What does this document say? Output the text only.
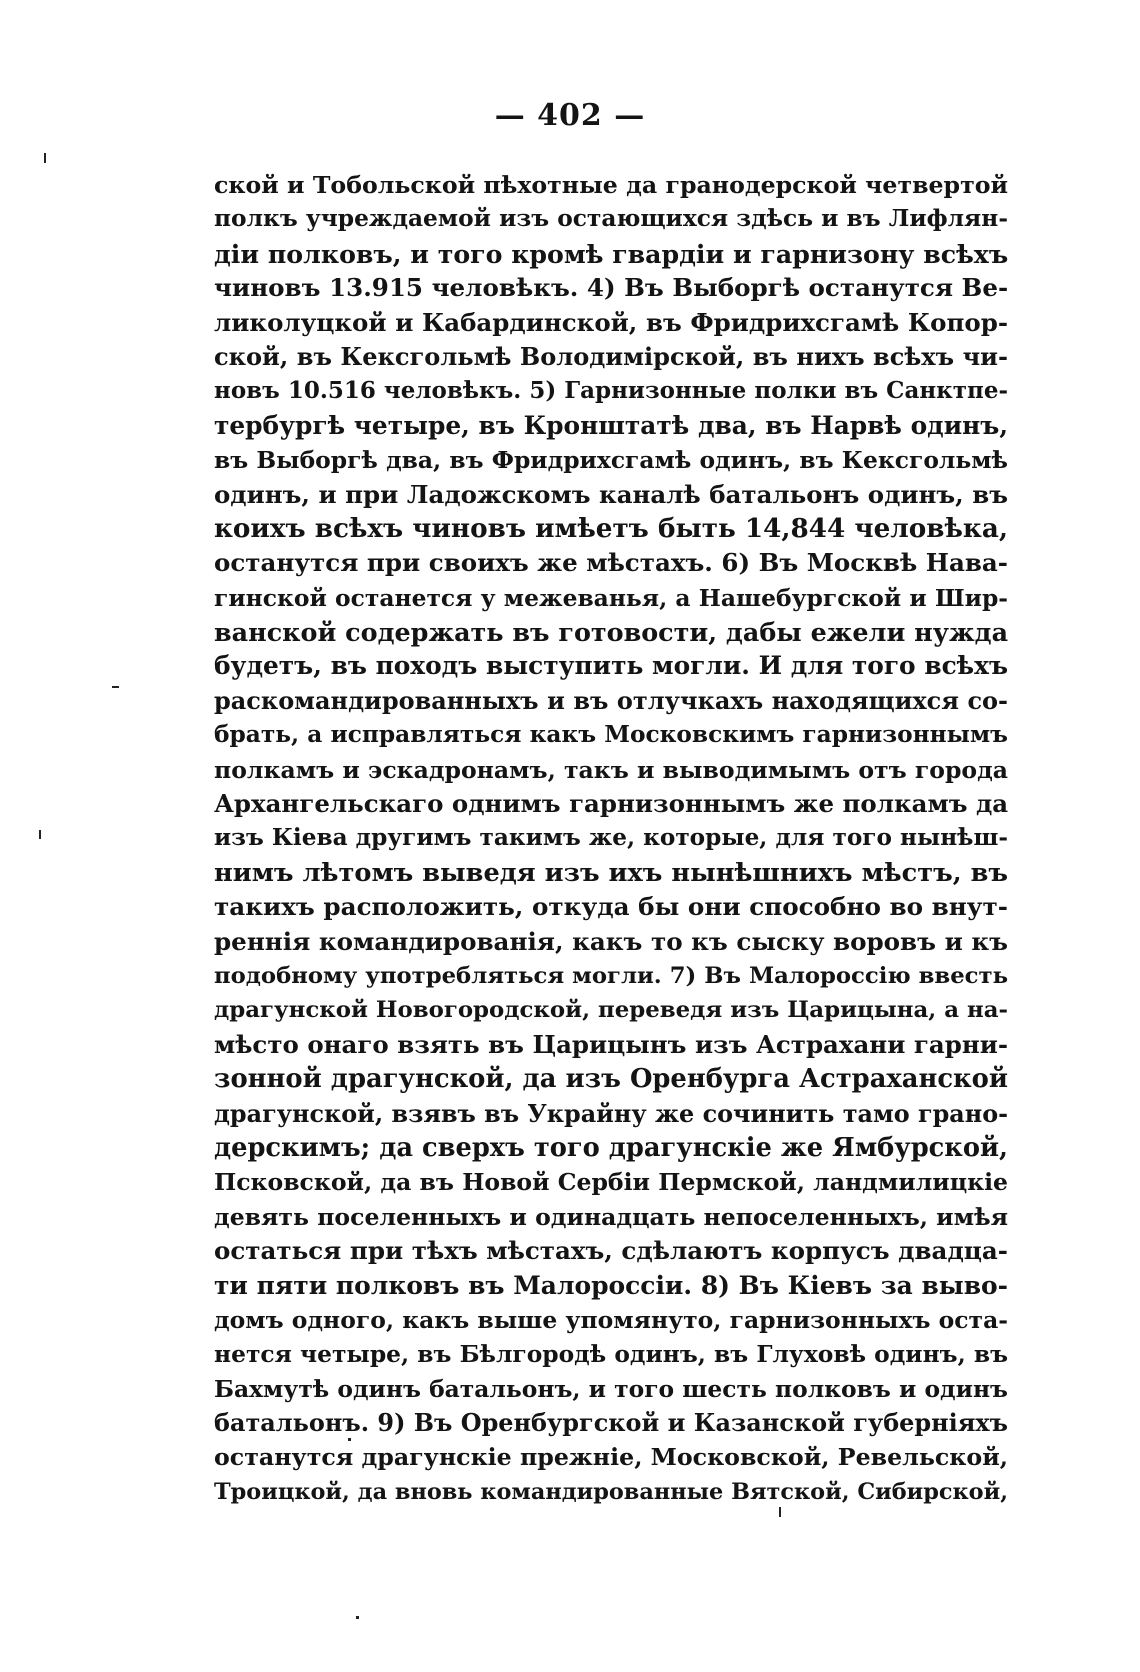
— 402 —
ской и Тобольской пѣхотные да гранодерской четвертой
полкъ учреждаемой изъ остающихся здѣсь и въ Лифлян-
діи полковъ, и того кромѣ гвардіи и гарнизону всѣхъ
чиновъ 13.915 человѣкъ. 4) Въ Выборгѣ останутся Ве-
ликолуцкой и Кабардинской, въ Фридрихсгамѣ Копор-
ской, въ Кексгольмѣ Володимірской, въ нихъ всѣхъ чи-
новъ 10.516 человѣкъ. 5) Гарнизонные полки въ Санктпе-
тербургѣ четыре, въ Кронштатѣ два, въ Нарвѣ одинъ,
въ Выборгѣ два, въ Фридрихсгамѣ одинъ, въ Кексгольмѣ
одинъ, и при Ладожскомъ каналѣ батальонъ одинъ, въ
коихъ всѣхъ чиновъ имѣетъ быть 14,844 человѣка,
останутся при своихъ же мѣстахъ. 6) Въ Москвѣ Нава-
гинской останется у межеванья, а Нашебургской и Шир-
ванской содержать въ готовости, дабы ежели нужда
будетъ, въ походъ выступить могли. И для того всѣхъ
раскомандированныхъ и въ отлучкахъ находящихся со-
брать, а исправляться какъ Московскимъ гарнизоннымъ
полкамъ и эскадронамъ, такъ и выводимымъ отъ города
Архангельскаго однимъ гарнизоннымъ же полкамъ да
изъ Кіева другимъ такимъ же, которые, для того нынѣш-
нимъ лѣтомъ выведя изъ ихъ нынѣшнихъ мѣстъ, въ
такихъ расположить, откуда бы они способно во внут-
реннія командированія, какъ то къ сыску воровъ и къ
подобному употребляться могли. 7) Въ Малороссію ввесть
драгунской Новогородской, переведя изъ Царицына, а на-
мѣсто онаго взять въ Царицынъ изъ Астрахани гарни-
зонной драгунской, да изъ Оренбурга Астраханской
драгунской, взявъ въ Украйну же сочинить тамо грано-
дерскимъ; да сверхъ того драгунскіе же Ямбурской,
Псковской, да въ Новой Сербіи Пермской, ландмилицкіе
девять поселенныхъ и одинадцать непоселенныхъ, имѣя
остаться при тѣхъ мѣстахъ, сдѣлаютъ корпусъ двадца-
ти пяти полковъ въ Малороссіи. 8) Въ Кіевъ за выво-
домъ одного, какъ выше упомянуто, гарнизонныхъ оста-
нется четыре, въ Бѣлгородѣ одинъ, въ Глуховѣ одинъ, въ
Бахмутѣ одинъ батальонъ, и того шесть полковъ и одинъ
батальонъ. 9) Въ Оренбургской и Казанской губерніяхъ
останутся драгунскіе прежніе, Московской, Ревельской,
Троицкой, да вновь командированные Вятской, Сибирской,
